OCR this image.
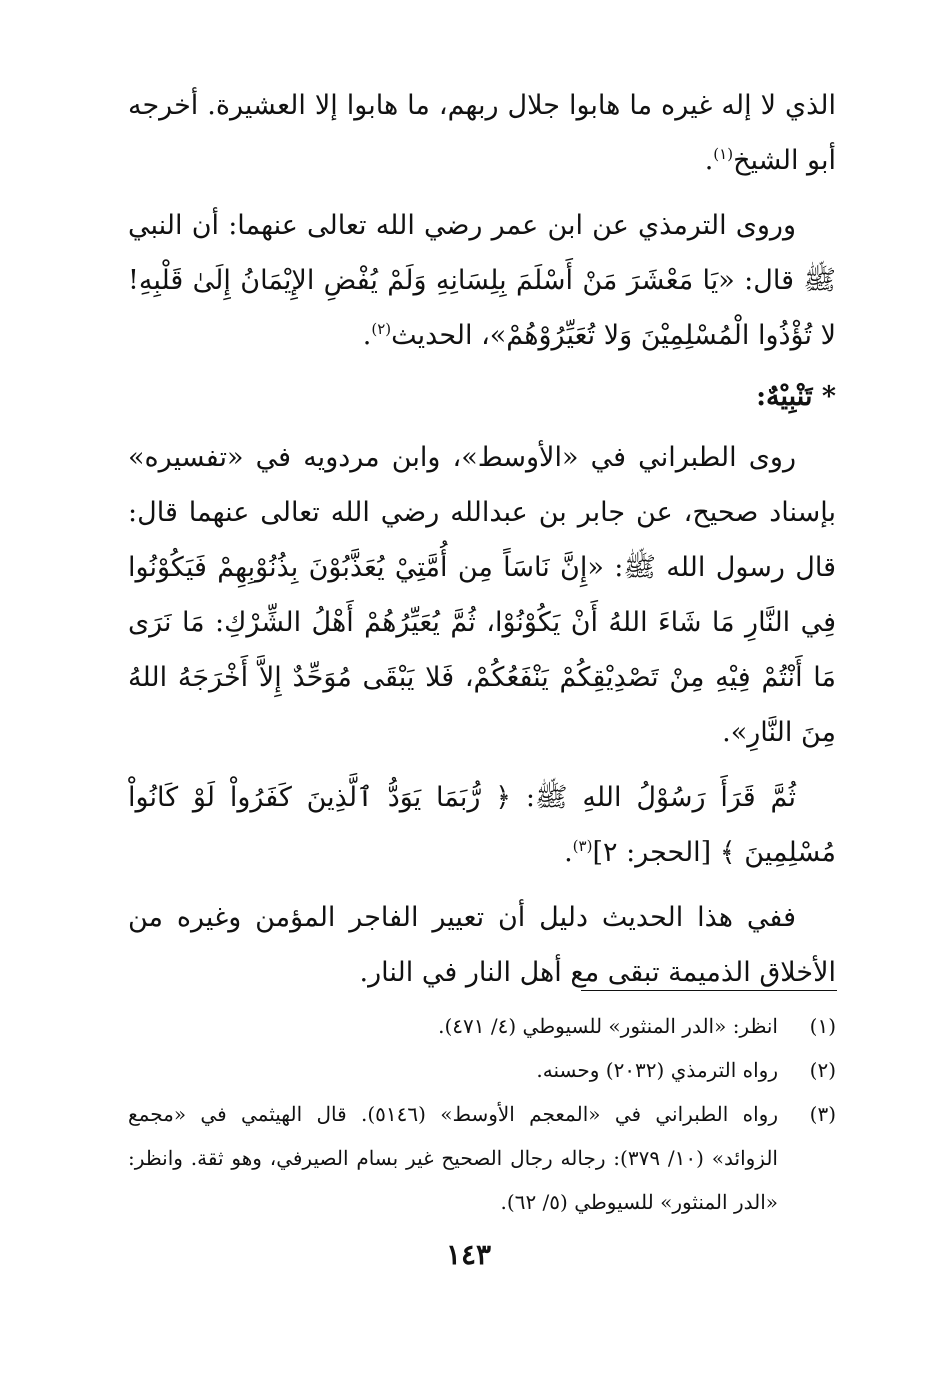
الذي لا إله غيره ما هابوا جلال ربهم، ما هابوا إلا العشيرة. أخرجه أبو الشيخ$^{(١)}$.

وروى الترمذي عن ابن عمر رضي الله تعالى عنهما: أن النبي ﷺ قال: «يَا مَعْشَرَ مَنْ أَسْلَمَ بِلِسَانِهِ وَلَمْ يُفْضِ الإِيْمَانُ إِلَىٰ قَلْبِهِ! لا تُؤْذُوا الْمُسْلِمِيْنَ وَلا تُعَيِّرُوْهُمْ»، الحديث$^{(٢)}$.

* تَنْبِيْهٌ:

روى الطبراني في «الأوسط»، وابن مردويه في «تفسيره» بإسناد صحيح، عن جابر بن عبدالله رضي الله تعالى عنهما قال: قال رسول الله ﷺ: «إِنَّ نَاسَاً مِن أُمَّتِيْ يُعَذَّبُوْنَ بِذُنُوْبِهِمْ فَيَكُوْنُوا فِي النَّارِ مَا شَاءَ اللهُ أَنْ يَكُوْنُوْا، ثُمَّ يُعَيِّرُهُمْ أَهْلُ الشِّرْكِ: مَا نَرَى مَا أَنْتُمْ فِيْهِ مِنْ تَصْدِيْقِكُمْ يَنْفَعُكُمْ، فَلا يَبْقَى مُوَحِّدٌ إِلاَّ أَخْرَجَهُ اللهُ مِنَ النَّارِ».

ثُمَّ قَرَأَ رَسُوْلُ اللهِ ﷺ: ﴿ رُّبَمَا يَوَدُّ ٱلَّذِينَ كَفَرُواْ لَوْ كَانُواْ مُسْلِمِينَ ﴾ [الحجر: ٢]$^{(٣)}$.

ففي هذا الحديث دليل أن تعيير الفاجر المؤمن وغيره من الأخلاق الذميمة تبقى مع أهل النار في النار.

(١)
انظر: «الدر المنثور» للسيوطي (٤/ ٤٧١).
(٢)
رواه الترمذي (٢٠٣٢) وحسنه.
(٣)
رواه الطبراني في «المعجم الأوسط» (٥١٤٦). قال الهيثمي في «مجمع الزوائد» (١٠/ ٣٧٩): رجاله رجال الصحيح غير بسام الصيرفي، وهو ثقة. وانظر: «الدر المنثور» للسيوطي (٥/ ٦٢).
١٤٣
